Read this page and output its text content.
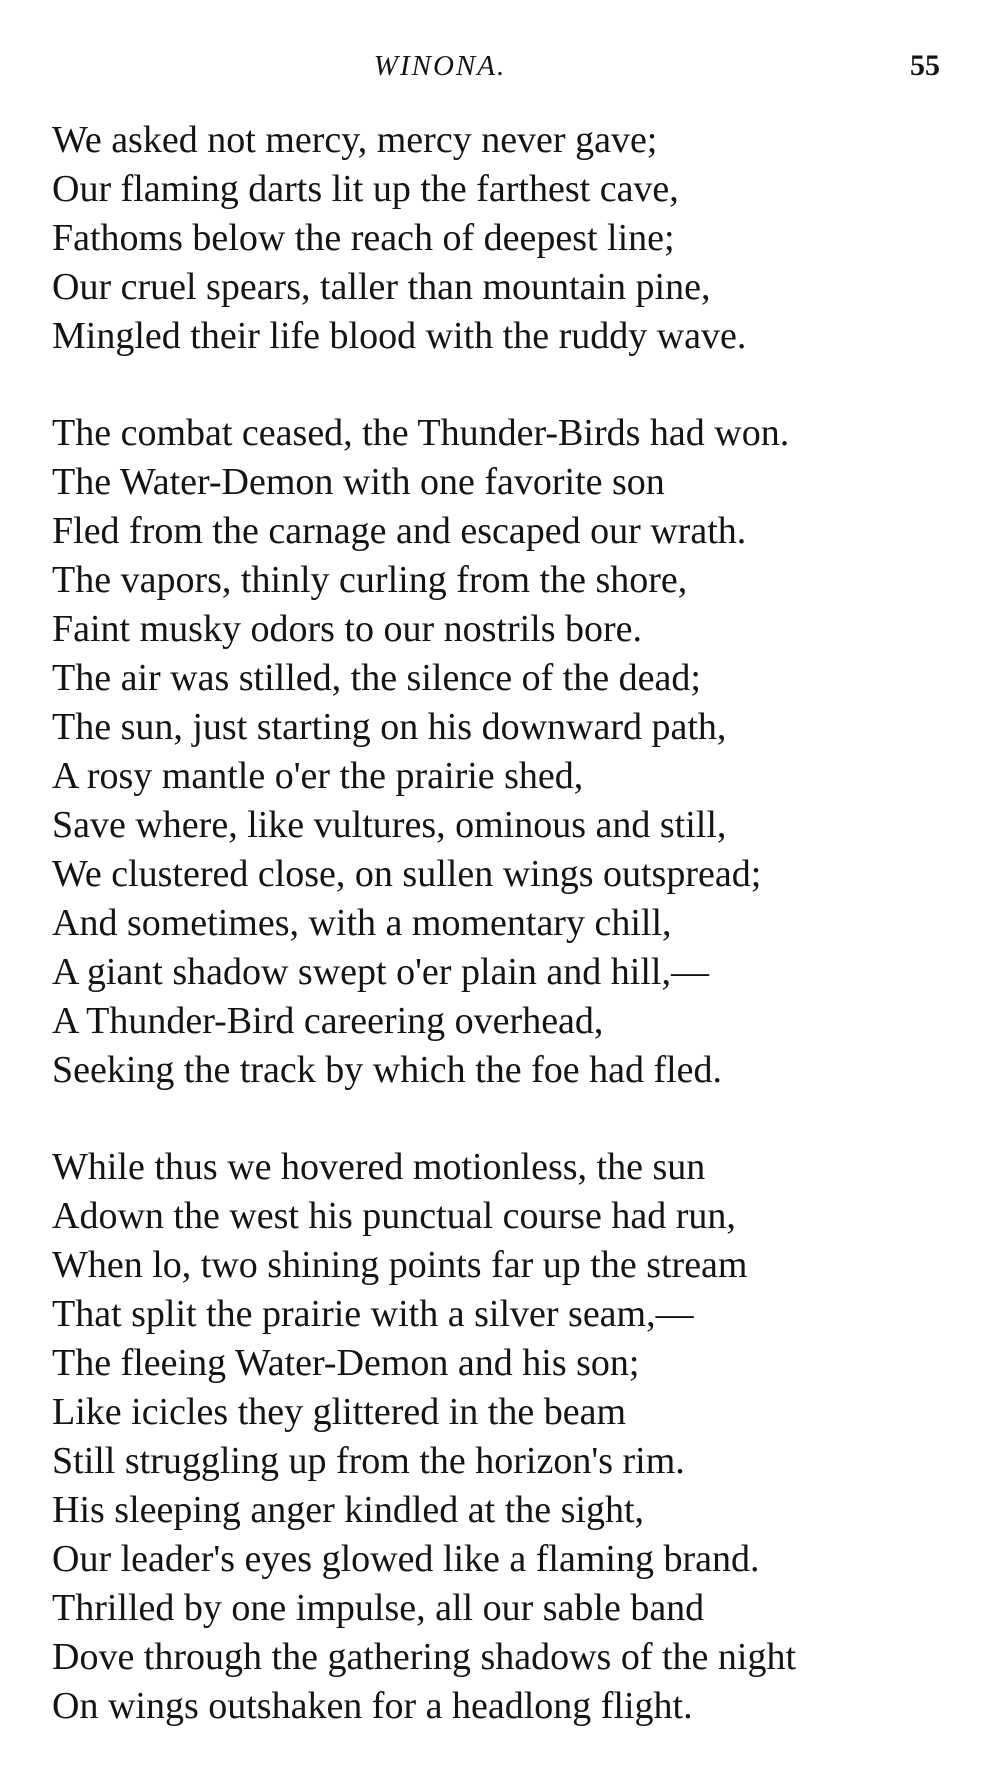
WINONA.	55
We asked not mercy, mercy never gave;
Our flaming darts lit up the farthest cave,
Fathoms below the reach of deepest line;
Our cruel spears, taller than mountain pine,
Mingled their life blood with the ruddy wave.
The combat ceased, the Thunder-Birds had won.
The Water-Demon with one favorite son
Fled from the carnage and escaped our wrath.
The vapors, thinly curling from the shore,
Faint musky odors to our nostrils bore.
The air was stilled, the silence of the dead;
The sun, just starting on his downward path,
A rosy mantle o'er the prairie shed,
Save where, like vultures, ominous and still,
We clustered close, on sullen wings outspread;
And sometimes, with a momentary chill,
A giant shadow swept o'er plain and hill,—
A Thunder-Bird careering overhead,
Seeking the track by which the foe had fled.
While thus we hovered motionless, the sun
Adown the west his punctual course had run,
When lo, two shining points far up the stream
That split the prairie with a silver seam,—
The fleeing Water-Demon and his son;
Like icicles they glittered in the beam
Still struggling up from the horizon's rim.
His sleeping anger kindled at the sight,
Our leader's eyes glowed like a flaming brand.
Thrilled by one impulse, all our sable band
Dove through the gathering shadows of the night
On wings outshaken for a headlong flight.
